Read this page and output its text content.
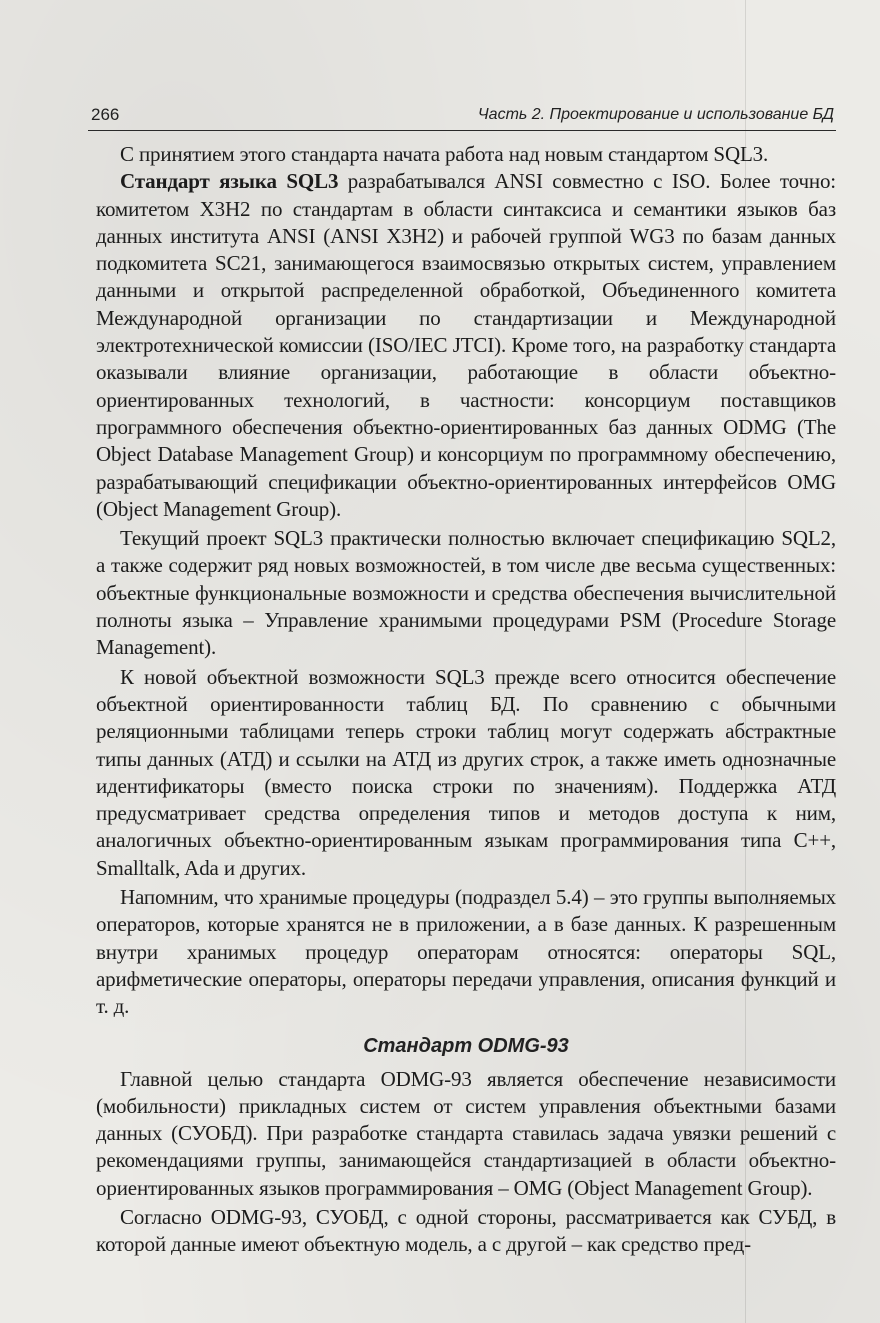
266	Часть 2. Проектирование и использование БД

С принятием этого стандарта начата работа над новым стандартом SQL3.

Стандарт языка SQL3 разрабатывался ANSI совместно с ISO. Более точно: комитетом X3H2 по стандартам в области синтаксиса и семантики языков баз данных института ANSI (ANSI X3H2) и рабочей группой WG3 по базам данных подкомитета SC21, занимающегося взаимосвязью открытых систем, управлением данными и открытой распределенной обработкой, Объединенного комитета Международной организации по стандартизации и Международной электротехнической комиссии (ISO/IEC JTCI). Кроме того, на разработку стандарта оказывали влияние организации, работающие в области объектно-ориентированных технологий, в частности: консорциум поставщиков программного обеспечения объектно-ориентированных баз данных ODMG (The Object Database Management Group) и консорциум по программному обеспечению, разрабатывающий спецификации объектно-ориентированных интерфейсов OMG (Object Management Group).

Текущий проект SQL3 практически полностью включает спецификацию SQL2, а также содержит ряд новых возможностей, в том числе две весьма существенных: объектные функциональные возможности и средства обеспечения вычислительной полноты языка – Управление хранимыми процедурами PSM (Procedure Storage Management).

К новой объектной возможности SQL3 прежде всего относится обеспечение объектной ориентированности таблиц БД. По сравнению с обычными реляционными таблицами теперь строки таблиц могут содержать абстрактные типы данных (АТД) и ссылки на АТД из других строк, а также иметь однозначные идентификаторы (вместо поиска строки по значениям). Поддержка АТД предусматривает средства определения типов и методов доступа к ним, аналогичных объектно-ориентированным языкам программирования типа C++, Smalltalk, Ada и других.

Напомним, что хранимые процедуры (подраздел 5.4) – это группы выполняемых операторов, которые хранятся не в приложении, а в базе данных. К разрешенным внутри хранимых процедур операторам относятся: операторы SQL, арифметические операторы, операторы передачи управления, описания функций и т. д.

Стандарт ODMG-93

Главной целью стандарта ODMG-93 является обеспечение независимости (мобильности) прикладных систем от систем управления объектными базами данных (СУОБД). При разработке стандарта ставилась задача увязки решений с рекомендациями группы, занимающейся стандартизацией в области объектно-ориентированных языков программирования – OMG (Object Management Group).

Согласно ODMG-93, СУОБД, с одной стороны, рассматривается как СУБД, в которой данные имеют объектную модель, а с другой – как средство пред-
